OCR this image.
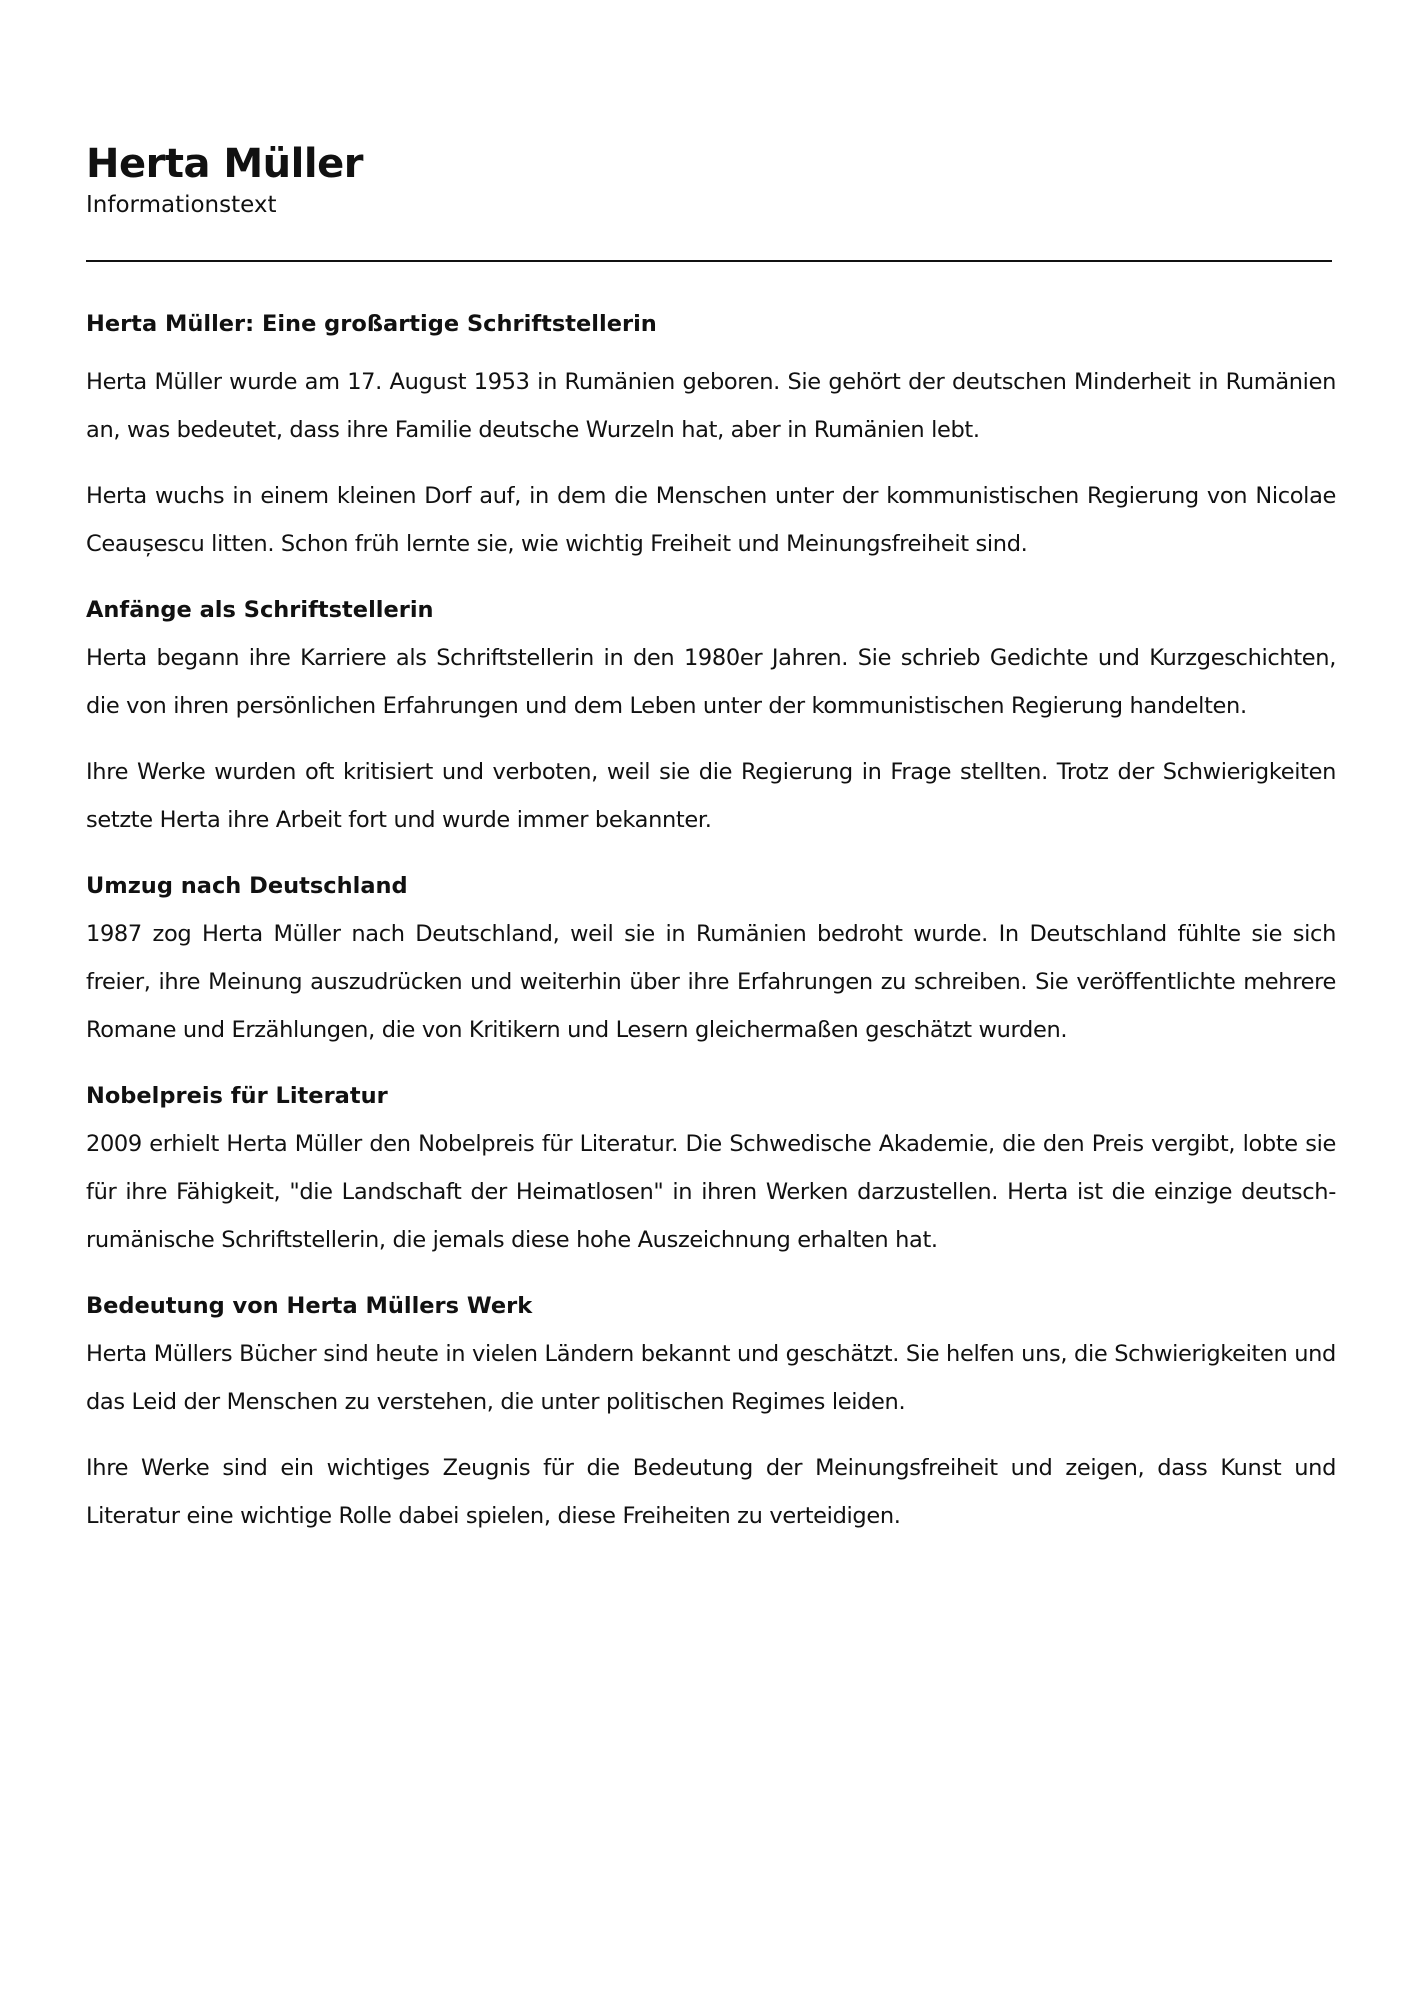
Herta Müller
Informationstext
Herta Müller: Eine großartige Schriftstellerin

Herta Müller wurde am 17. August 1953 in Rumänien geboren. Sie gehört der deutschen Minderheit in Rumänien an, was bedeutet, dass ihre Familie deutsche Wurzeln hat, aber in Rumänien lebt.

Herta wuchs in einem kleinen Dorf auf, in dem die Menschen unter der kommunistischen Regierung von Nicolae Ceaușescu litten. Schon früh lernte sie, wie wichtig Freiheit und Meinungsfreiheit sind.

Anfänge als Schriftstellerin

Herta begann ihre Karriere als Schriftstellerin in den 1980er Jahren. Sie schrieb Gedichte und Kurzgeschichten, die von ihren persönlichen Erfahrungen und dem Leben unter der kommunistischen Regierung handelten.

Ihre Werke wurden oft kritisiert und verboten, weil sie die Regierung in Frage stellten. Trotz der Schwierigkeiten setzte Herta ihre Arbeit fort und wurde immer bekannter.

Umzug nach Deutschland

1987 zog Herta Müller nach Deutschland, weil sie in Rumänien bedroht wurde. In Deutschland fühlte sie sich freier, ihre Meinung auszudrücken und weiterhin über ihre Erfahrungen zu schreiben. Sie veröffentlichte mehrere Romane und Erzählungen, die von Kritikern und Lesern gleichermaßen geschätzt wurden.

Nobelpreis für Literatur

2009 erhielt Herta Müller den Nobelpreis für Literatur. Die Schwedische Akademie, die den Preis vergibt, lobte sie für ihre Fähigkeit, "die Landschaft der Heimatlosen" in ihren Werken darzustellen. Herta ist die einzige deutsch-rumänische Schriftstellerin, die jemals diese hohe Auszeichnung erhalten hat.

Bedeutung von Herta Müllers Werk

Herta Müllers Bücher sind heute in vielen Ländern bekannt und geschätzt. Sie helfen uns, die Schwierigkeiten und das Leid der Menschen zu verstehen, die unter politischen Regimes leiden.

Ihre Werke sind ein wichtiges Zeugnis für die Bedeutung der Meinungsfreiheit und zeigen, dass Kunst und Literatur eine wichtige Rolle dabei spielen, diese Freiheiten zu verteidigen.
